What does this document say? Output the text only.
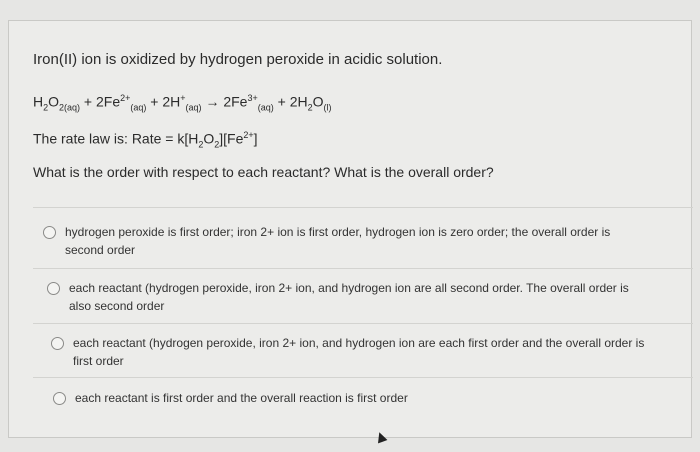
Iron(II) ion is oxidized by hydrogen peroxide in acidic solution.
$H_2O_{2(aq)} + 2Fe^{2+}_{(aq)} + 2H^+_{(aq)} \to 2Fe^{3+}_{(aq)} + 2H_2O_{(l)}$
The rate law is: Rate = $k[H_2O_2][Fe^{2+}]$
What is the order with respect to each reactant? What is the overall order?
hydrogen peroxide is first order; iron 2+ ion is first order, hydrogen ion is zero order; the overall order is
second order
each reactant (hydrogen peroxide, iron 2+ ion, and hydrogen ion are all second order. The overall order is
also second order
each reactant (hydrogen peroxide, iron 2+ ion, and hydrogen ion are each first order and the overall order is
first order
each reactant is first order and the overall reaction is first order
